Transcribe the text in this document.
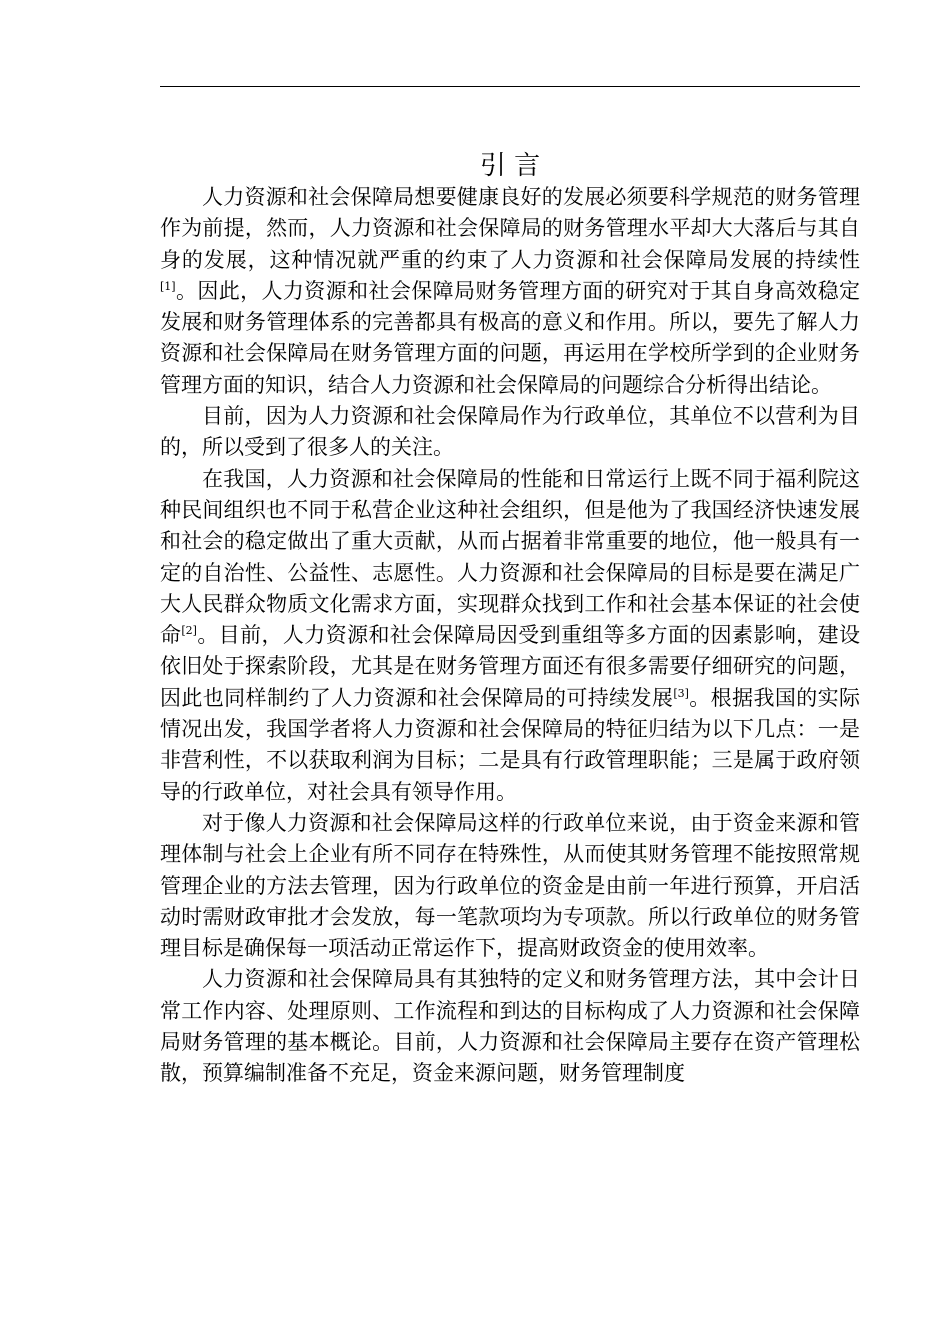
引 言

人力资源和社会保障局想要健康良好的发展必须要科学规范的财务管理作为前提，然而，人力资源和社会保障局的财务管理水平却大大落后与其自身的发展，这种情况就严重的约束了人力资源和社会保障局发展的持续性[1]。因此，人力资源和社会保障局财务管理方面的研究对于其自身高效稳定发展和财务管理体系的完善都具有极高的意义和作用。所以，要先了解人力资源和社会保障局在财务管理方面的问题，再运用在学校所学到的企业财务管理方面的知识，结合人力资源和社会保障局的问题综合分析得出结论。

目前，因为人力资源和社会保障局作为行政单位，其单位不以营利为目的，所以受到了很多人的关注。

在我国，人力资源和社会保障局的性能和日常运行上既不同于福利院这种民间组织也不同于私营企业这种社会组织，但是他为了我国经济快速发展和社会的稳定做出了重大贡献，从而占据着非常重要的地位，他一般具有一定的自治性、公益性、志愿性。人力资源和社会保障局的目标是要在满足广大人民群众物质文化需求方面，实现群众找到工作和社会基本保证的社会使命[2]。目前，人力资源和社会保障局因受到重组等多方面的因素影响，建设依旧处于探索阶段，尤其是在财务管理方面还有很多需要仔细研究的问题，因此也同样制约了人力资源和社会保障局的可持续发展[3]。根据我国的实际情况出发，我国学者将人力资源和社会保障局的特征归结为以下几点：一是非营利性，不以获取利润为目标；二是具有行政管理职能；三是属于政府领导的行政单位，对社会具有领导作用。

对于像人力资源和社会保障局这样的行政单位来说，由于资金来源和管理体制与社会上企业有所不同存在特殊性，从而使其财务管理不能按照常规管理企业的方法去管理，因为行政单位的资金是由前一年进行预算，开启活动时需财政审批才会发放，每一笔款项均为专项款。所以行政单位的财务管理目标是确保每一项活动正常运作下，提高财政资金的使用效率。

人力资源和社会保障局具有其独特的定义和财务管理方法，其中会计日常工作内容、处理原则、工作流程和到达的目标构成了人力资源和社会保障局财务管理的基本概论。目前，人力资源和社会保障局主要存在资产管理松散，预算编制准备不充足，资金来源问题，财务管理制度
